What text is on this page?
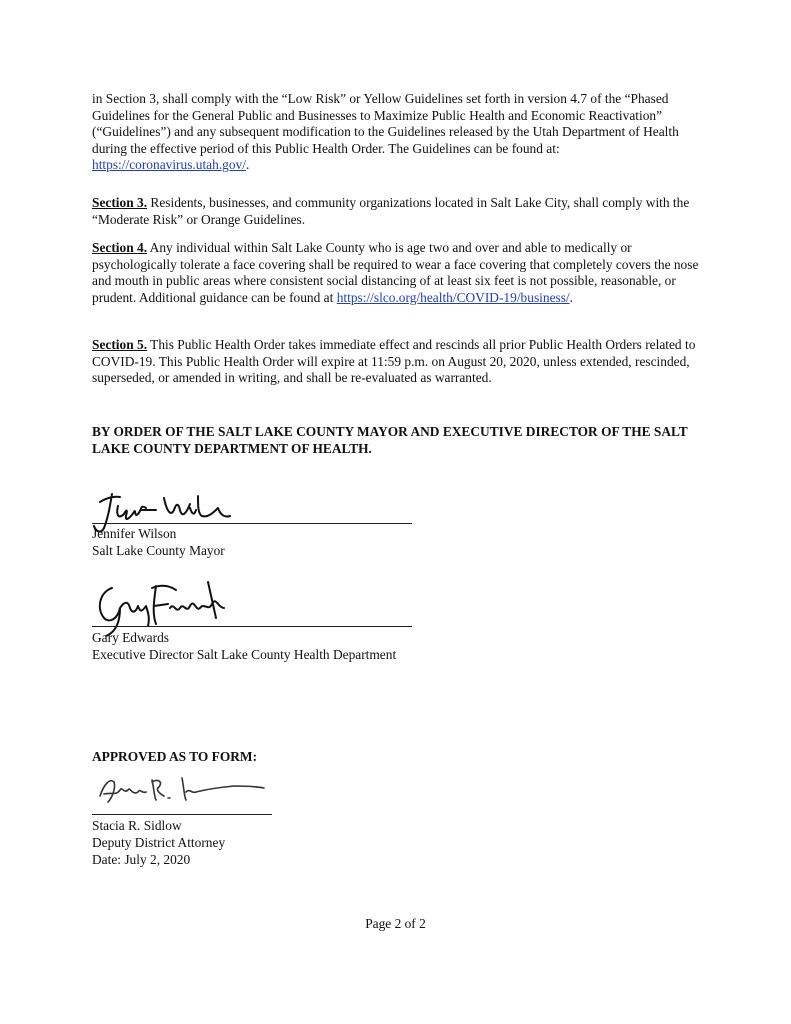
in Section 3, shall comply with the “Low Risk” or Yellow Guidelines set forth in version 4.7 of the “Phased Guidelines for the General Public and Businesses to Maximize Public Health and Economic Reactivation” (“Guidelines”) and any subsequent modification to the Guidelines released by the Utah Department of Health during the effective period of this Public Health Order. The Guidelines can be found at: https://coronavirus.utah.gov/.

Section 3. Residents, businesses, and community organizations located in Salt Lake City, shall comply with the “Moderate Risk” or Orange Guidelines.

Section 4. Any individual within Salt Lake County who is age two and over and able to medically or psychologically tolerate a face covering shall be required to wear a face covering that completely covers the nose and mouth in public areas where consistent social distancing of at least six feet is not possible, reasonable, or prudent. Additional guidance can be found at https://slco.org/health/COVID-19/business/.

Section 5. This Public Health Order takes immediate effect and rescinds all prior Public Health Orders related to COVID-19. This Public Health Order will expire at 11:59 p.m. on August 20, 2020, unless extended, rescinded, superseded, or amended in writing, and shall be re-evaluated as warranted.

BY ORDER OF THE SALT LAKE COUNTY MAYOR AND EXECUTIVE DIRECTOR OF THE SALT LAKE COUNTY DEPARTMENT OF HEALTH.

Jennifer Wilson

Salt Lake County Mayor

Gary Edwards

Executive Director Salt Lake County Health Department

APPROVED AS TO FORM:

Stacia R. Sidlow

Deputy District Attorney

Date: July 2, 2020

Page 2 of 2
